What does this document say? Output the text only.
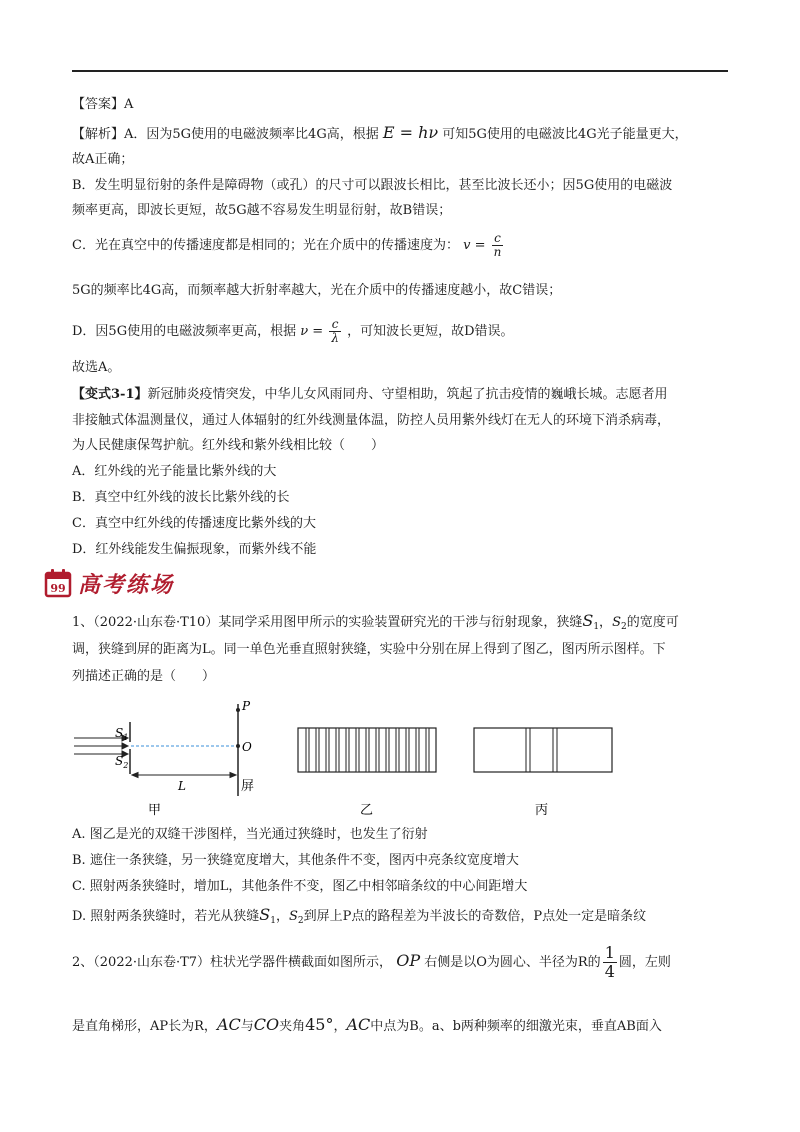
【答案】A
【解析】A．因为5G使用的电磁波频率比4G高，根据 E = hν 可知5G使用的电磁波比4G光子能量更大，
故A正确；
B．发生明显衍射的条件是障碍物（或孔）的尺寸可以跟波长相比，甚至比波长还小；因5G使用的电磁波
频率更高，即波长更短，故5G越不容易发生明显衍射，故B错误；
C．光在真空中的传播速度都是相同的；光在介质中的传播速度为： $v = \frac{c}{n}$
5G的频率比4G高，而频率越大折射率越大，光在介质中的传播速度越小，故C错误；
D．因5G使用的电磁波频率更高，根据 $\nu = \frac{c}{\lambda}$ ，可知波长更短，故D错误。
故选A。
【变式3-1】新冠肺炎疫情突发，中华儿女风雨同舟、守望相助，筑起了抗击疫情的巍峨长城。志愿者用
非接触式体温测量仪，通过人体辐射的红外线测量体温，防控人员用紫外线灯在无人的环境下消杀病毒，
为人民健康保驾护航。红外线和紫外线相比较（　　）
A．红外线的光子能量比紫外线的大
B．真空中红外线的波长比紫外线的长
C．真空中红外线的传播速度比紫外线的大
D．红外线能发生偏振现象，而紫外线不能
99 高考练场
1、（2022·山东卷·T10）某同学采用图甲所示的实验装置研究光的干涉与衍射现象，狭缝$S_1$，$S_2$的宽度可
调，狭缝到屏的距离为L。同一单色光垂直照射狭缝，实验中分别在屏上得到了图乙，图丙所示图样。下
列描述正确的是（　　）
$S_1$
$S_2$
P
O
屏
L
甲	乙	丙
A. 图乙是光的双缝干涉图样，当光通过狭缝时，也发生了衍射
B. 遮住一条狭缝，另一狭缝宽度增大，其他条件不变，图丙中亮条纹宽度增大
C. 照射两条狭缝时，增加L，其他条件不变，图乙中相邻暗条纹的中心间距增大
D. 照射两条狭缝时，若光从狭缝$S_1$，$S_2$到屏上P点的路程差为半波长的奇数倍，P点处一定是暗条纹
2、（2022·山东卷·T7）柱状光学器件横截面如图所示， OP 右侧是以O为圆心、半径为R的 $\frac{1}{4}$ 圆，左则
是直角梯形，AP长为R，AC与CO夹角45°，AC中点为B。a、b两种频率的细激光束，垂直AB面入
